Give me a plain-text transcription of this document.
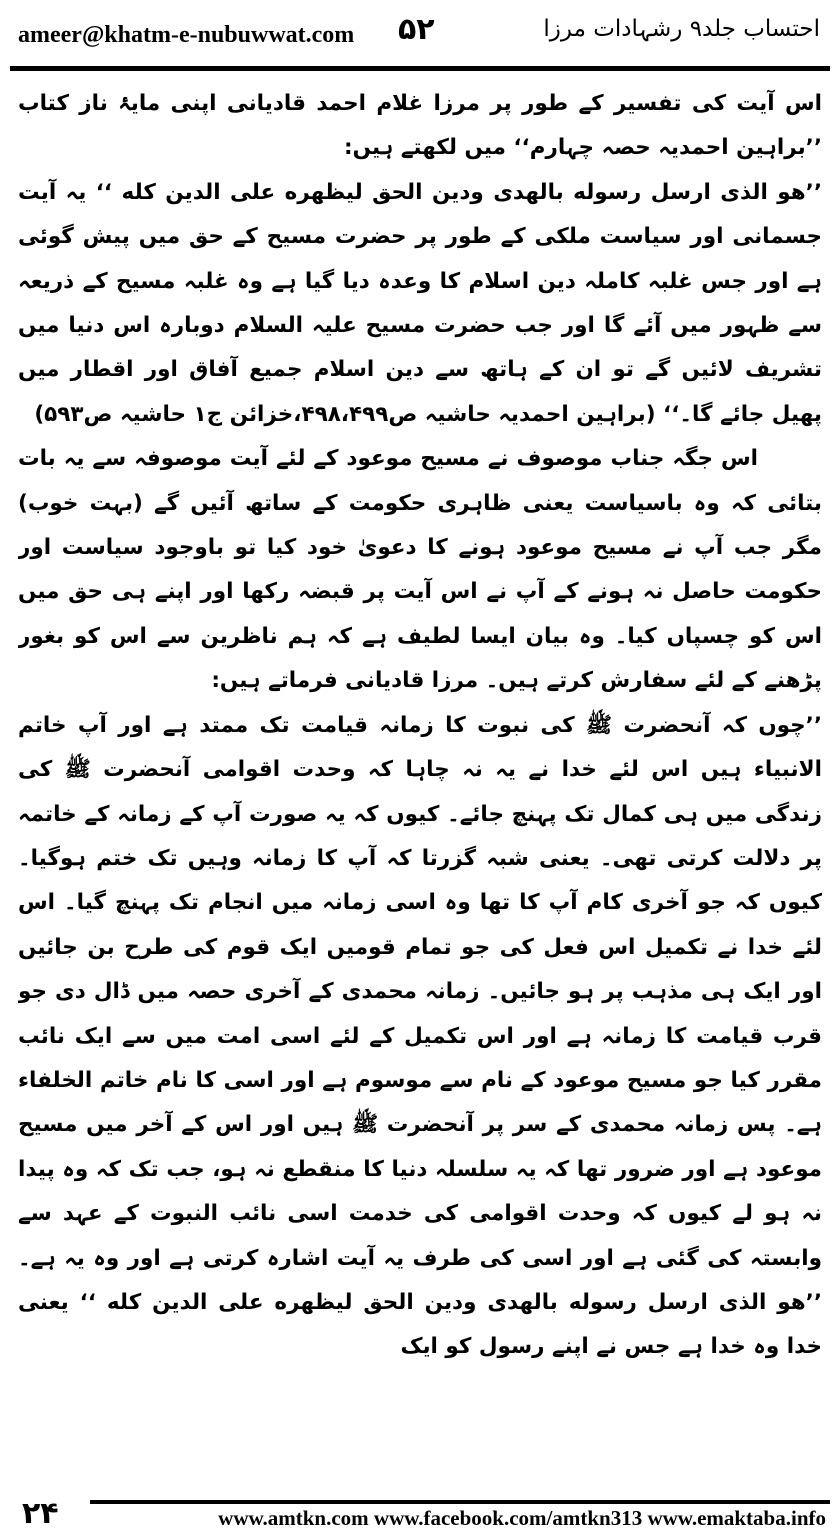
ameer@khatm-e-nubuwwat.com ۵۲	احتساب جلد۹ رشہادات مرزا

اس آیت کی تفسیر کے طور پر مرزا غلام احمد قادیانی اپنی مایۂ ناز کتاب ’’براہین احمدیہ حصہ چہارم‘‘ میں لکھتے ہیں:

’’ھو الذی ارسل رسوله بالھدی ودین الحق لیظھره علی الدین کله ‘‘ یہ آیت جسمانی اور سیاست ملکی کے طور پر حضرت مسیح کے حق میں پیش گوئی ہے اور جس غلبہ کاملہ دین اسلام کا وعدہ دیا گیا ہے وہ غلبہ مسیح کے ذریعہ سے ظہور میں آئے گا اور جب حضرت مسیح علیہ السلام دوبارہ اس دنیا میں تشریف لائیں گے تو ان کے ہاتھ سے دین اسلام جمیع آفاق اور اقطار میں پھیل جائے گا۔‘‘ (براہین احمدیہ حاشیہ ص۴۹۸،۴۹۹،خزائن ج۱ حاشیہ ص۵۹۳)

اس جگہ جناب موصوف نے مسیح موعود کے لئے آیت موصوفہ سے یہ بات بتائی کہ وہ باسیاست یعنی ظاہری حکومت کے ساتھ آئیں گے (بہت خوب) مگر جب آپ نے مسیح موعود ہونے کا دعویٰ خود کیا تو باوجود سیاست اور حکومت حاصل نہ ہونے کے آپ نے اس آیت پر قبضہ رکھا اور اپنے ہی حق میں اس کو چسپاں کیا۔ وہ بیان ایسا لطیف ہے کہ ہم ناظرین سے اس کو بغور پڑھنے کے لئے سفارش کرتے ہیں۔ مرزا قادیانی فرماتے ہیں:

’’چوں کہ آنحضرت ﷺ کی نبوت کا زمانہ قیامت تک ممتد ہے اور آپ خاتم الانبیاء ہیں اس لئے خدا نے یہ نہ چاہا کہ وحدت اقوامی آنحضرت ﷺ کی زندگی میں ہی کمال تک پہنچ جائے۔ کیوں کہ یہ صورت آپ کے زمانہ کے خاتمہ پر دلالت کرتی تھی۔ یعنی شبہ گزرتا کہ آپ کا زمانہ وہیں تک ختم ہوگیا۔ کیوں کہ جو آخری کام آپ کا تھا وہ اسی زمانہ میں انجام تک پہنچ گیا۔ اس لئے خدا نے تکمیل اس فعل کی جو تمام قومیں ایک قوم کی طرح بن جائیں اور ایک ہی مذہب پر ہو جائیں۔ زمانہ محمدی کے آخری حصہ میں ڈال دی جو قرب قیامت کا زمانہ ہے اور اس تکمیل کے لئے اسی امت میں سے ایک نائب مقرر کیا جو مسیح موعود کے نام سے موسوم ہے اور اسی کا نام خاتم الخلفاء ہے۔ پس زمانہ محمدی کے سر پر آنحضرت ﷺ ہیں اور اس کے آخر میں مسیح موعود ہے اور ضرور تھا کہ یہ سلسلہ دنیا کا منقطع نہ ہو، جب تک کہ وہ پیدا نہ ہو لے کیوں کہ وحدت اقوامی کی خدمت اسی نائب النبوت کے عہد سے وابستہ کی گئی ہے اور اسی کی طرف یہ آیت اشارہ کرتی ہے اور وہ یہ ہے۔ ’’ھو الذی ارسل رسوله بالھدی ودین الحق لیظھره علی الدین کله ‘‘ یعنی خدا وہ خدا ہے جس نے اپنے رسول کو ایک

۲۴	www.amtkn.com www.facebook.com/amtkn313 www.emaktaba.info
